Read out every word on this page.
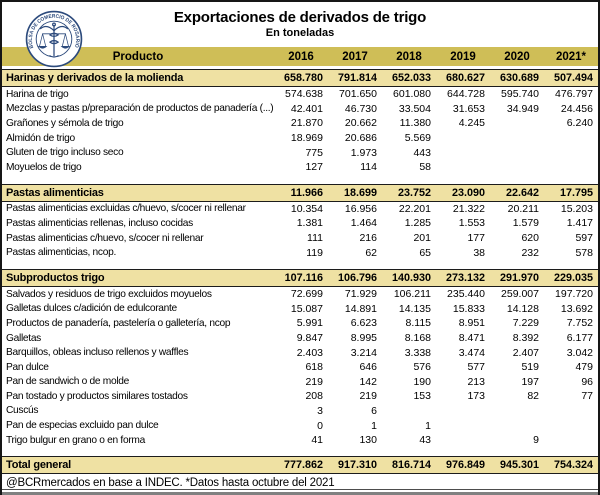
BOLSA DE COMERCIO DE ROSARIO
Exportaciones de derivados de trigo
En toneladas
Producto	2016	2017	2018	2019	2020	2021*

Harinas y derivados de la molienda	658.780	791.814	652.033	680.627	630.689	507.494
Harina de trigo	574.638	701.650	601.080	644.728	595.740	476.797
Mezclas y pastas p/preparación de productos de panadería (...)	42.401	46.730	33.504	31.653	34.949	24.456
Grañones y sémola de trigo	21.870	20.662	11.380	4.245		6.240
Almidón de trigo	18.969	20.686	5.569			
Gluten de trigo incluso seco	775	1.973	443			
Moyuelos de trigo	127	114	58			

Pastas alimenticias	11.966	18.699	23.752	23.090	22.642	17.795
Pastas alimenticias excluidas c/huevo, s/cocer ni rellenar	10.354	16.956	22.201	21.322	20.211	15.203
Pastas alimenticias rellenas, incluso cocidas	1.381	1.464	1.285	1.553	1.579	1.417
Pastas alimenticias c/huevo, s/cocer ni rellenar	111	216	201	177	620	597
Pastas alimenticias, ncop.	119	62	65	38	232	578

Subproductos trigo	107.116	106.796	140.930	273.132	291.970	229.035
Salvados y residuos de trigo excluidos moyuelos	72.699	71.929	106.211	235.440	259.007	197.720
Galletas dulces c/adición de edulcorante	15.087	14.891	14.135	15.833	14.128	13.692
Productos de panadería, pastelería o galletería, ncop	5.991	6.623	8.115	8.951	7.229	7.752
Galletas	9.847	8.995	8.168	8.471	8.392	6.177
Barquillos, obleas incluso rellenos y waffles	2.403	3.214	3.338	3.474	2.407	3.042
Pan dulce	618	646	576	577	519	479
Pan de sandwich o de molde	219	142	190	213	197	96
Pan tostado y productos similares tostados	208	219	153	173	82	77
Cuscús	3	6				
Pan de especias excluido pan dulce	0	1	1			
Trigo bulgur en grano o en forma	41	130	43		9	

Total general	777.862	917.310	816.714	976.849	945.301	754.324
@BCRmercados en base a INDEC. *Datos hasta octubre del 2021
